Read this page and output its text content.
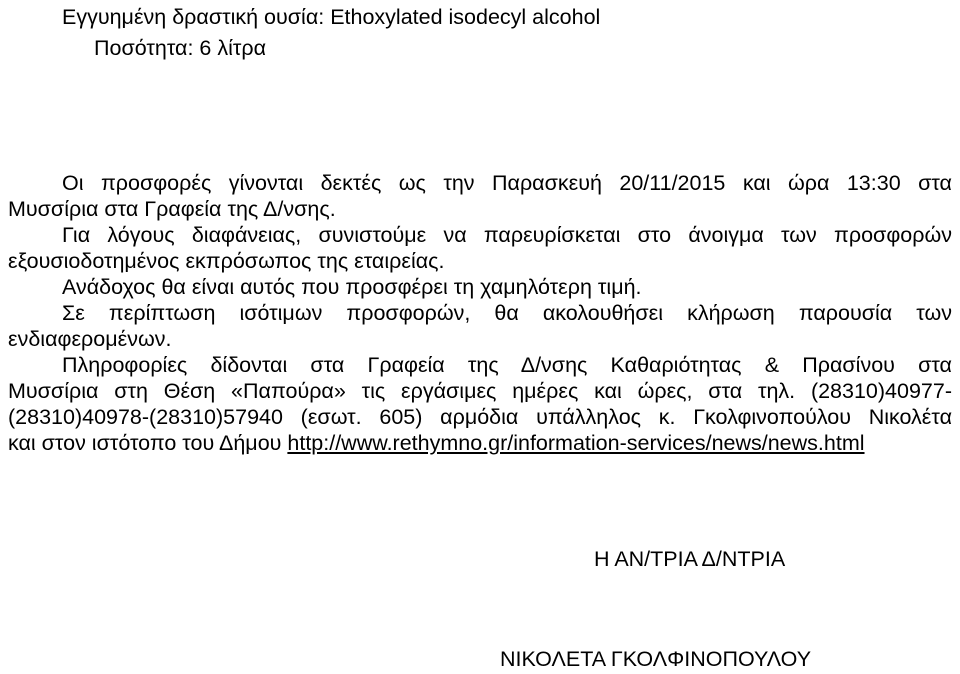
Εγγυημένη δραστική ουσία: Ethoxylated isodecyl alcohol
Ποσότητα: 6 λίτρα
Οι προσφορές γίνονται δεκτές ως την Παρασκευή 20/11/2015 και ώρα 13:30 στα
Μυσσίρια στα Γραφεία της Δ/νσης.
Για λόγους διαφάνειας, συνιστούμε να παρευρίσκεται στο άνοιγμα των προσφορών
εξουσιοδοτημένος εκπρόσωπος της εταιρείας.
Ανάδοχος θα είναι αυτός που προσφέρει τη χαμηλότερη τιμή.
Σε περίπτωση ισότιμων προσφορών, θα ακολουθήσει κλήρωση παρουσία των
ενδιαφερομένων.
Πληροφορίες δίδονται στα Γραφεία της Δ/νσης Καθαριότητας & Πρασίνου στα
Μυσσίρια στη Θέση «Παπούρα» τις εργάσιμες ημέρες και ώρες, στα τηλ. (28310)40977-
(28310)40978-(28310)57940 (εσωτ. 605) αρμόδια υπάλληλος κ. Γκολφινοπούλου Νικολέτα
και στον ιστότοπο του Δήμου http://www.rethymno.gr/information-services/news/news.html
Η ΑΝ/ΤΡΙΑ Δ/ΝΤΡΙΑ
ΝΙΚΟΛΕΤΑ ΓΚΟΛΦΙΝΟΠΟΥΛΟΥ
